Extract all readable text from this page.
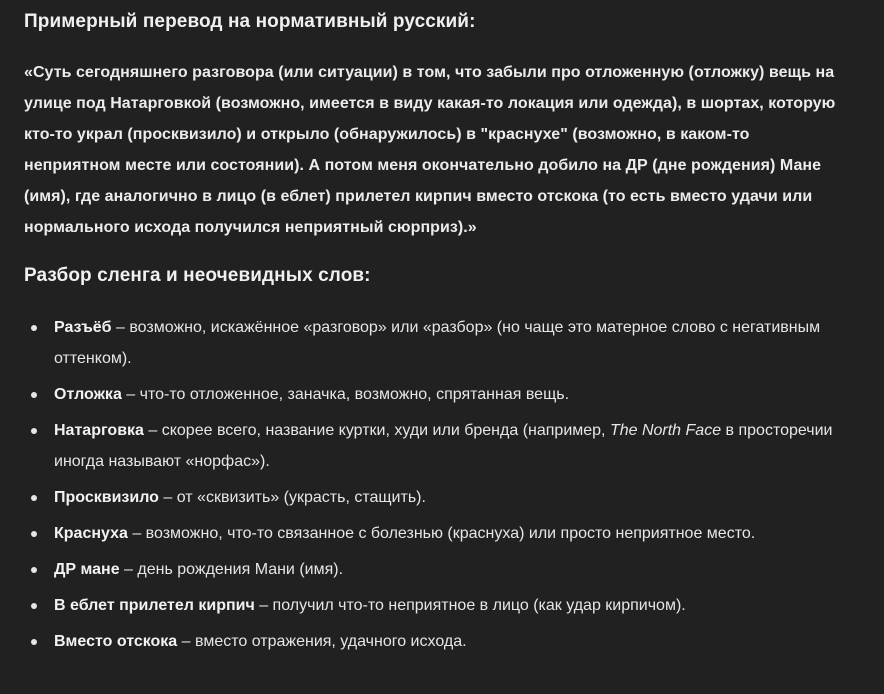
Примерный перевод на нормативный русский:

«Суть сегодняшнего разговора (или ситуации) в том, что забыли про отложенную (отложку) вещь на улице под Натарговкой (возможно, имеется в виду какая-то локация или одежда), в шортах, которую кто-то украл (просквизило) и открыло (обнаружилось) в "краснухе" (возможно, в каком-то неприятном месте или состоянии). А потом меня окончательно добило на ДР (дне рождения) Мане (имя), где аналогично в лицо (в еблет) прилетел кирпич вместо отскока (то есть вместо удачи или нормального исхода получился неприятный сюрприз).»

Разбор сленга и неочевидных слов:
Разъёб – возможно, искажённое «разговор» или «разбор» (но чаще это матерное слово с негативным оттенком).
Отложка – что-то отложенное, заначка, возможно, спрятанная вещь.
Натарговка – скорее всего, название куртки, худи или бренда (например, The North Face в просторечии иногда называют «норфас»).
Просквизило – от «сквизить» (украсть, стащить).
Краснуха – возможно, что-то связанное с болезнью (краснуха) или просто неприятное место.
ДР мане – день рождения Мани (имя).
В еблет прилетел кирпич – получил что-то неприятное в лицо (как удар кирпичом).
Вместо отскока – вместо отражения, удачного исхода.
